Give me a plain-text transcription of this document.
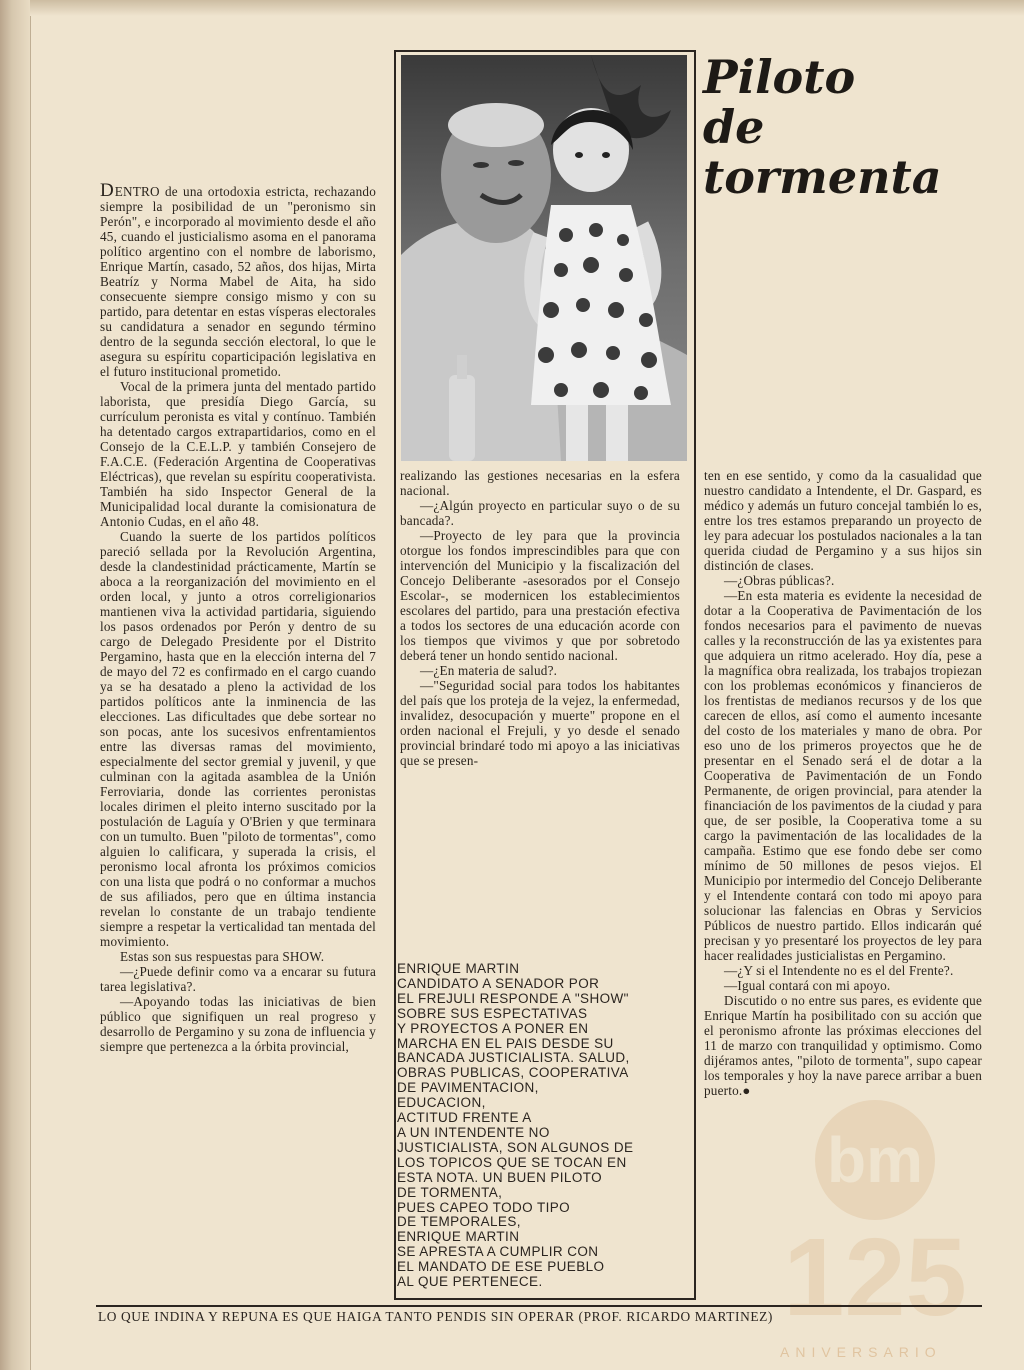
DENTRO de una ortodoxia estricta, rechazando siempre la posibilidad de un "peronismo sin Perón", e incorporado al movimiento desde el año 45, cuando el justicialismo asoma en el panorama político argentino con el nombre de laborismo, Enrique Martín, casado, 52 años, dos hijas, Mirta Beatríz y Norma Mabel de Aita, ha sido consecuente siempre consigo mismo y con su partido, para detentar en estas vísperas electorales su candidatura a senador en segundo término dentro de la segunda sección electoral, lo que le asegura su espíritu coparticipación legislativa en el futuro institucional prometido.

Vocal de la primera junta del mentado partido laborista, que presidía Diego García, su currículum peronista es vital y contínuo. También ha detentado cargos extrapartidarios, como en el Consejo de la C.E.L.P. y también Consejero de F.A.C.E. (Federación Argentina de Cooperativas Eléctricas), que revelan su espíritu cooperativista. También ha sido Inspector General de la Municipalidad local durante la comisionatura de Antonio Cudas, en el año 48.

Cuando la suerte de los partidos políticos pareció sellada por la Revolución Argentina, desde la clandestinidad prácticamente, Martín se aboca a la reorganización del movimiento en el orden local, y junto a otros correligionarios mantienen viva la actividad partidaria, siguiendo los pasos ordenados por Perón y dentro de su cargo de Delegado Presidente por el Distrito Pergamino, hasta que en la elección interna del 7 de mayo del 72 es confirmado en el cargo cuando ya se ha desatado a pleno la actividad de los partidos políticos ante la inminencia de las elecciones. Las dificultades que debe sortear no son pocas, ante los sucesivos enfrentamientos entre las diversas ramas del movimiento, especialmente del sector gremial y juvenil, y que culminan con la agitada asamblea de la Unión Ferroviaria, donde las corrientes peronistas locales dirimen el pleito interno suscitado por la postulación de Laguía y O'Brien y que terminara con un tumulto. Buen "piloto de tormentas", como alguien lo calificara, y superada la crisis, el peronismo local afronta los próximos comicios con una lista que podrá o no conformar a muchos de sus afiliados, pero que en última instancia revelan lo constante de un trabajo tendiente siempre a respetar la verticalidad tan mentada del movimiento.

Estas son sus respuestas para SHOW.

—¿Puede definir como va a encarar su futura tarea legislativa?.

—Apoyando todas las iniciativas de bien público que signifiquen un real progreso y desarrollo de Pergamino y su zona de influencia y siempre que pertenezca a la órbita provincial,

realizando las gestiones necesarias en la esfera nacional.

—¿Algún proyecto en particular suyo o de su bancada?.

—Proyecto de ley para que la provincia otorgue los fondos imprescindibles para que con intervención del Municipio y la fiscalización del Concejo Deliberante -asesorados por el Consejo Escolar-, se modernicen los establecimientos escolares del partido, para una prestación efectiva a todos los sectores de una educación acorde con los tiempos que vivimos y que por sobretodo deberá tener un hondo sentido nacional.

—¿En materia de salud?.

—"Seguridad social para todos los habitantes del país que los proteja de la vejez, la enfermedad, invalidez, desocupación y muerte" propone en el orden nacional el Frejuli, y yo desde el senado provincial brindaré todo mi apoyo a las iniciativas que se presen-

ENRIQUE MARTIN
CANDIDATO A SENADOR POR
EL FREJULI RESPONDE A "SHOW"
SOBRE SUS ESPECTATIVAS
Y PROYECTOS A PONER EN
MARCHA EN EL PAIS DESDE SU
BANCADA JUSTICIALISTA. SALUD,
OBRAS PUBLICAS, COOPERATIVA
DE PAVIMENTACION,
EDUCACION,
ACTITUD FRENTE A
A UN INTENDENTE NO
JUSTICIALISTA, SON ALGUNOS DE
LOS TOPICOS QUE SE TOCAN EN
ESTA NOTA. UN BUEN PILOTO
DE TORMENTA,
PUES CAPEO TODO TIPO
DE TEMPORALES,
ENRIQUE MARTIN
SE APRESTA A CUMPLIR CON
EL MANDATO DE ESE PUEBLO
AL QUE PERTENECE.
Piloto
de
tormenta

ten en ese sentido, y como da la casualidad que nuestro candidato a Intendente, el Dr. Gaspard, es médico y además un futuro concejal también lo es, entre los tres estamos preparando un proyecto de ley para adecuar los postulados nacionales a la tan querida ciudad de Pergamino y a sus hijos sin distinción de clases.

—¿Obras públicas?.

—En esta materia es evidente la necesidad de dotar a la Cooperativa de Pavimentación de los fondos necesarios para el pavimento de nuevas calles y la reconstrucción de las ya existentes para que adquiera un ritmo acelerado. Hoy día, pese a la magnífica obra realizada, los trabajos tropiezan con los problemas económicos y financieros de los frentistas de medianos recursos y de los que carecen de ellos, así como el aumento incesante del costo de los materiales y mano de obra. Por eso uno de los primeros proyectos que he de presentar en el Senado será el de dotar a la Cooperativa de Pavimentación de un Fondo Permanente, de origen provincial, para atender la financiación de los pavimentos de la ciudad y para que, de ser posible, la Cooperativa tome a su cargo la pavimentación de las localidades de la campaña. Estimo que ese fondo debe ser como mínimo de 50 millones de pesos viejos. El Municipio por intermedio del Concejo Deliberante y el Intendente contará con todo mi apoyo para solucionar las falencias en Obras y Servicios Públicos de nuestro partido. Ellos indicarán qué precisan y yo presentaré los proyectos de ley para hacer realidades justicialistas en Pergamino.

—¿Y si el Intendente no es el del Frente?.

—Igual contará con mi apoyo.

Discutido o no entre sus pares, es evidente que Enrique Martín ha posibilitado con su acción que el peronismo afronte las próximas elecciones del 11 de marzo con tranquilidad y optimismo. Como dijéramos antes, "piloto de tormenta", supo capear los temporales y hoy la nave parece arribar a buen puerto.●

bm
125
ANIVERSARIO
LO QUE INDINA Y REPUNA ES QUE HAIGA TANTO PENDIS SIN OPERAR (PROF. RICARDO MARTINEZ)
